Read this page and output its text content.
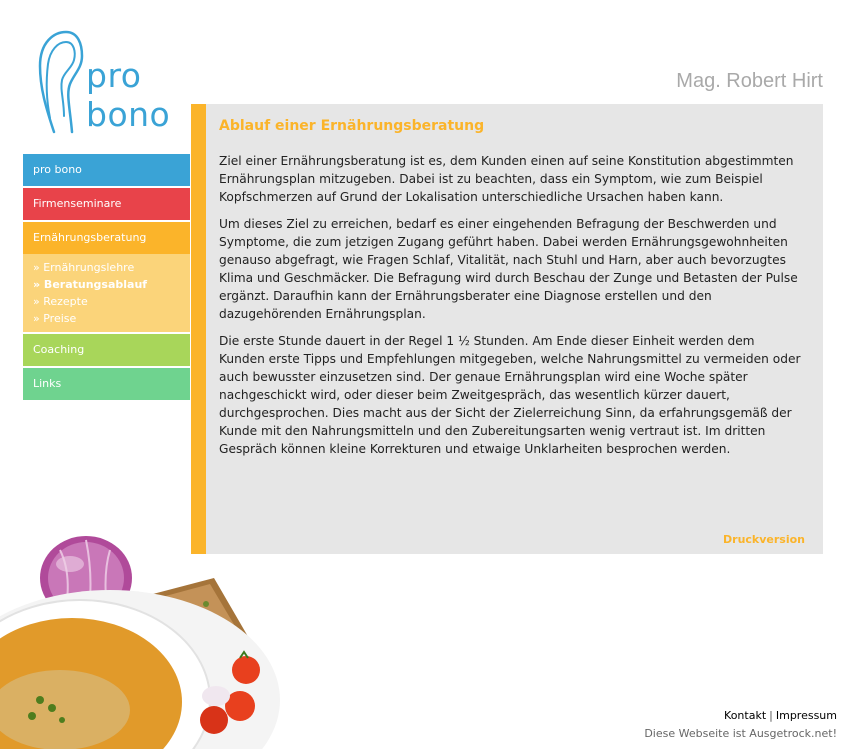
pro bono
Mag. Robert Hirt
pro bono
Firmenseminare
Ernährungsberatung
» Ernährungslehre
» Beratungsablauf
» Rezepte
» Preise
Coaching
Links
Ablauf einer Ernährungsberatung

Ziel einer Ernährungsberatung ist es, dem Kunden einen auf seine Konstitution abgestimmten Ernährungsplan mitzugeben. Dabei ist zu beachten, dass ein Symptom, wie zum Beispiel Kopfschmerzen auf Grund der Lokalisation unterschiedliche Ursachen haben kann.

Um dieses Ziel zu erreichen, bedarf es einer eingehenden Befragung der Beschwerden und Symptome, die zum jetzigen Zugang geführt haben. Dabei werden Ernährungsgewohnheiten genauso abgefragt, wie Fragen Schlaf, Vitalität, nach Stuhl und Harn, aber auch bevorzugtes Klima und Geschmäcker. Die Befragung wird durch Beschau der Zunge und Betasten der Pulse ergänzt. Daraufhin kann der Ernährungsberater eine Diagnose erstellen und den dazugehörenden Ernährungsplan.

Die erste Stunde dauert in der Regel 1 ½ Stunden. Am Ende dieser Einheit werden dem Kunden erste Tipps und Empfehlungen mitgegeben, welche Nahrungsmittel zu vermeiden oder auch bewusster einzusetzen sind. Der genaue Ernährungsplan wird eine Woche später nachgeschickt wird, oder dieser beim Zweitgespräch, das wesentlich kürzer dauert, durchgesprochen. Dies macht aus der Sicht der Zielerreichung Sinn, da erfahrungsgemäß der Kunde mit den Nahrungsmitteln und den Zubereitungsarten wenig vertraut ist. Im dritten Gespräch können kleine Korrekturen und etwaige Unklarheiten besprochen werden.

Druckversion
Kontakt | Impressum
Diese Webseite ist Ausgetrock.net!
